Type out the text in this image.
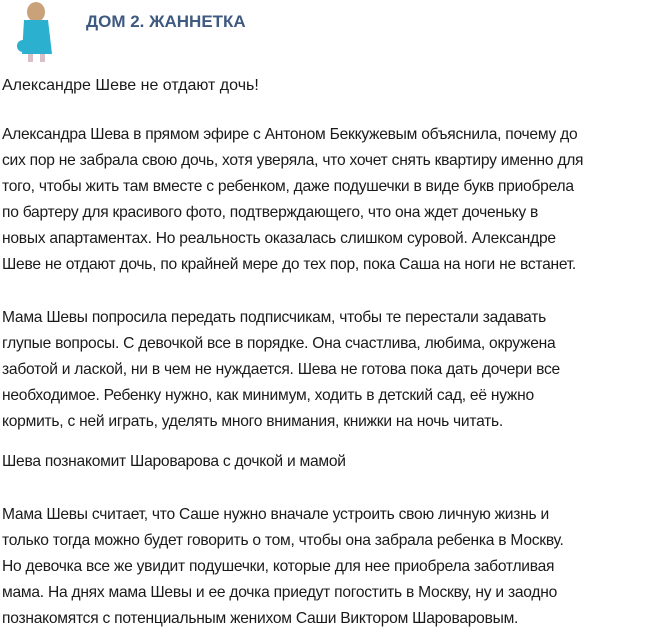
ДОМ 2. ЖАННЕТКА
Александре Шеве не отдают дочь!
Александра Шева в прямом эфире с Антоном Беккужевым объяснила, почему до
сих пор не забрала свою дочь, хотя уверяла, что хочет снять квартиру именно для
того, чтобы жить там вместе с ребенком, даже подушечки в виде букв приобрела
по бартеру для красивого фото, подтверждающего, что она ждет доченьку в
новых апартаментах. Но реальность оказалась слишком суровой. Александре
Шеве не отдают дочь, по крайней мере до тех пор, пока Саша на ноги не встанет.
Мама Шевы попросила передать подписчикам, чтобы те перестали задавать
глупые вопросы. С девочкой все в порядке. Она счастлива, любима, окружена
заботой и лаской, ни в чем не нуждается. Шева не готова пока дать дочери все
необходимое. Ребенку нужно, как минимум, ходить в детский сад, её нужно
кормить, с ней играть, уделять много внимания, книжки на ночь читать.
Шева познакомит Шароварова с дочкой и мамой
Мама Шевы считает, что Саше нужно вначале устроить свою личную жизнь и
только тогда можно будет говорить о том, чтобы она забрала ребенка в Москву.
Но девочка все же увидит подушечки, которые для нее приобрела заботливая
мама. На днях мама Шевы и ее дочка приедут погостить в Москву, ну и заодно
познакомятся с потенциальным женихом Саши Виктором Шароваровым.
